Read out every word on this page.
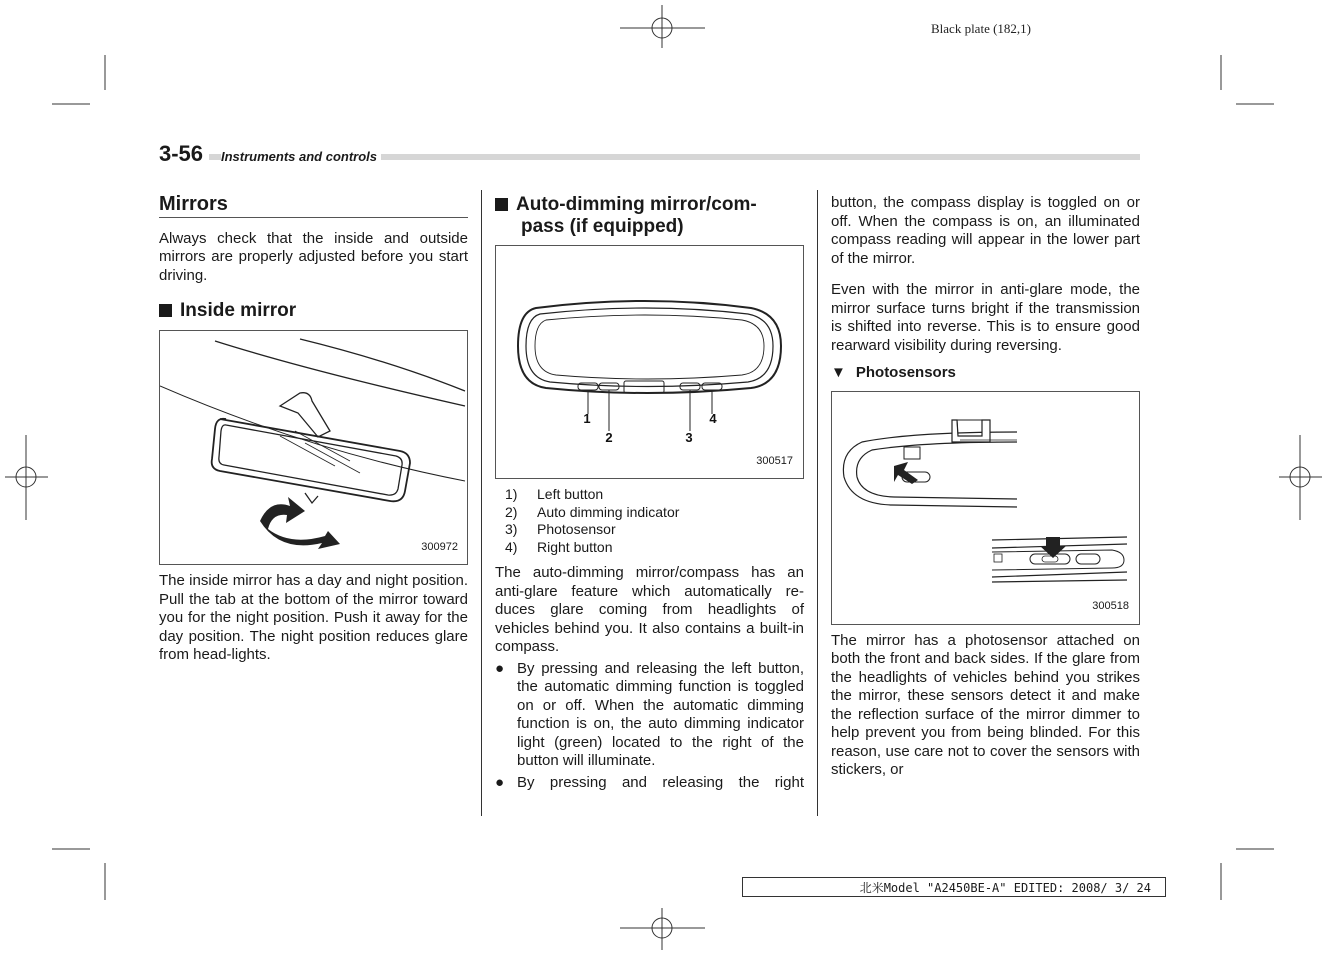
Black plate (182,1)
3-56	Instruments and controls
Mirrors

Always check that the inside and outside mirrors are properly adjusted before you start driving.

Inside mirror
300972

The inside mirror has a day and night position. Pull the tab at the bottom of the mirror toward you for the night position. Push it away for the day position. The night position reduces glare from head-lights.

Auto-dimming mirror/com-
pass (if equipped)
1
2	3
4
300517
1)	Left button
2)	Auto dimming indicator
3)	Photosensor
4)	Right button

The auto-dimming mirror/compass has an anti-glare feature which automatically re-duces glare coming from headlights of vehicles behind you. It also contains a built-in compass.

● By pressing and releasing the left button, the automatic dimming function is toggled on or off. When the automatic dimming function is on, the auto dimming indicator light (green) located to the right of the button will illuminate.

● By pressing and releasing the right

button, the compass display is toggled on or off. When the compass is on, an illuminated compass reading will appear in the lower part of the mirror.

Even with the mirror in anti-glare mode, the mirror surface turns bright if the transmission is shifted into reverse. This is to ensure good rearward visibility during reversing.

▼ Photosensors
300518

The mirror has a photosensor attached on both the front and back sides. If the glare from the headlights of vehicles behind you strikes the mirror, these sensors detect it and make the reflection surface of the mirror dimmer to help prevent you from being blinded. For this reason, use care not to cover the sensors with stickers, or

北米Model "A2450BE-A" EDITED: 2008/ 3/ 24
